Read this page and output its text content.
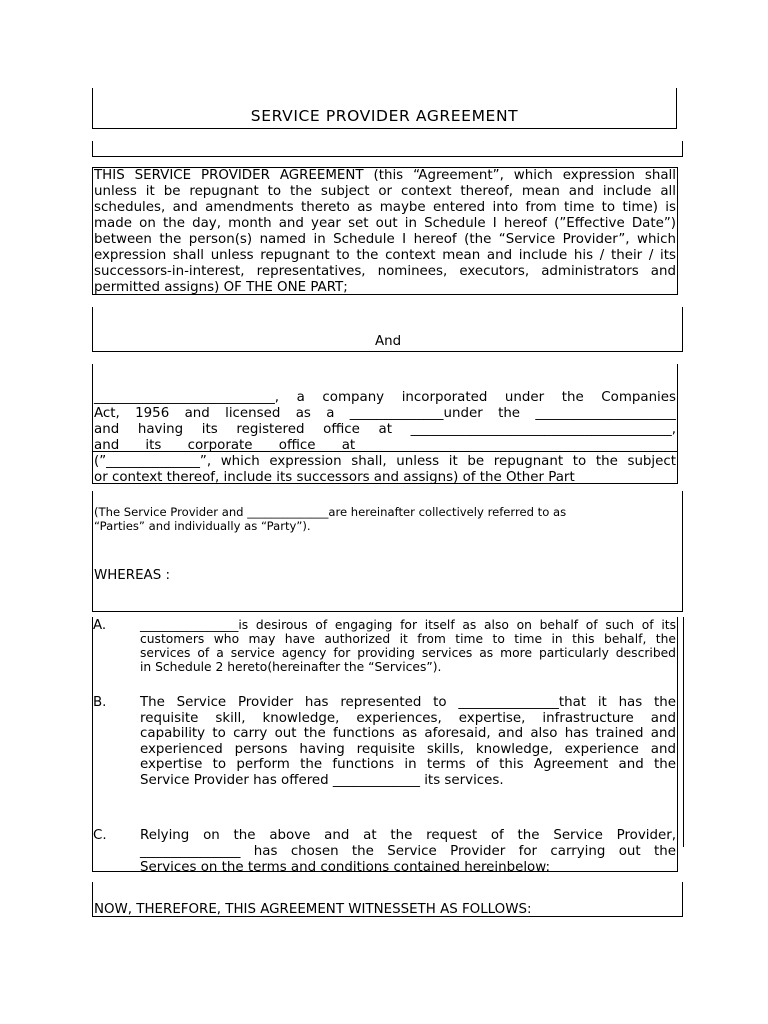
SERVICE PROVIDER AGREEMENT
THIS SERVICE PROVIDER AGREEMENT (this “Agreement”, which expression shall
unless it be repugnant to the subject or context thereof, mean and include all
schedules, and amendments thereto as maybe entered into from time to time) is
made on the day, month and year set out in Schedule I hereof (”Effective Date”)
between the person(s) named in Schedule I hereof (the “Service Provider”, which
expression shall unless repugnant to the context mean and include his / their / its
successors-in-interest, representatives, nominees, executors, administrators and
permitted assigns) OF THE ONE PART;
And
___________________________, a company incorporated under the Companies
Act, 1956 and licensed as a ______________under the _____________________
and having its registered office at _______________________________________,
and its corporate office at ____________________________________________
(”______________”, which expression shall, unless it be repugnant to the subject
or context thereof, include its successors and assigns) of the Other Part
(The Service Provider and ______________are hereinafter collectively referred to as
“Parties” and individually as “Party”).
WHEREAS :
A.	________________is desirous of engaging for itself as also on behalf of such of its
customers who may have authorized it from time to time in this behalf, the
services of a service agency for providing services as more particularly described
in Schedule 2 hereto(hereinafter the “Services”).
B.	The Service Provider has represented to _______________that it has the
requisite skill, knowledge, experiences, expertise, infrastructure and
capability to carry out the functions as aforesaid, and also has trained and
experienced persons having requisite skills, knowledge, experience and
expertise to perform the functions in terms of this Agreement and the
Service Provider has offered _____________ its services.
C. Relying on the above and at the request of the Service Provider,
_______________ has chosen the Service Provider for carrying out the
Services on the terms and conditions contained hereinbelow:
NOW, THEREFORE, THIS AGREEMENT WITNESSETH AS FOLLOWS:
